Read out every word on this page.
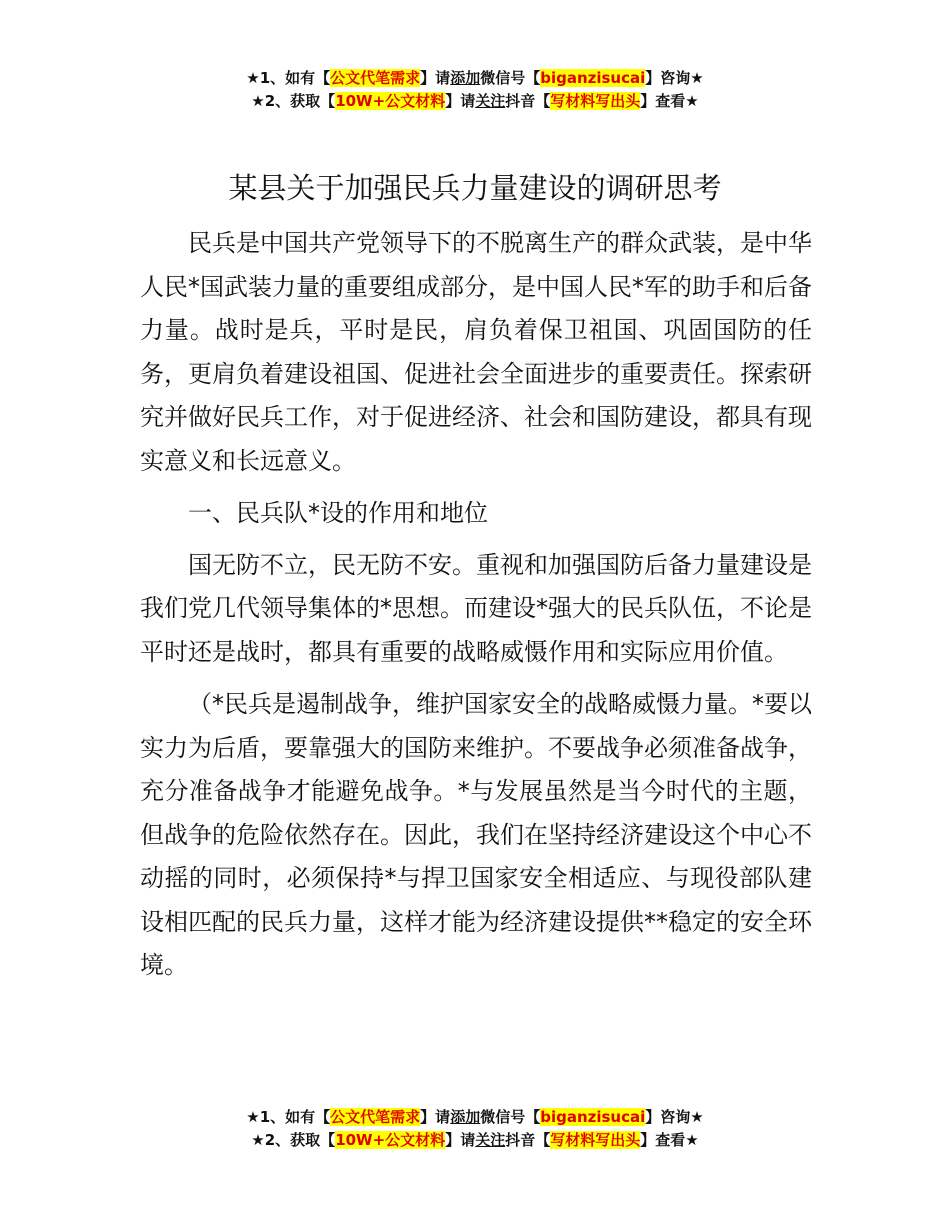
★1、如有【公文代笔需求】请添加微信号【biganzisucai】咨询★
★2、获取【10W+公文材料】请关注抖音【写材料写出头】查看★
某县关于加强民兵力量建设的调研思考

民兵是中国共产党领导下的不脱离生产的群众武装，是中华人民*国武装力量的重要组成部分，是中国人民*军的助手和后备力量。战时是兵，平时是民，肩负着保卫祖国、巩固国防的任务，更肩负着建设祖国、促进社会全面进步的重要责任。探索研究并做好民兵工作，对于促进经济、社会和国防建设，都具有现实意义和长远意义。

一、民兵队*设的作用和地位

国无防不立，民无防不安。重视和加强国防后备力量建设是我们党几代领导集体的*思想。而建设*强大的民兵队伍，不论是平时还是战时，都具有重要的战略威慑作用和实际应用价值。

（*民兵是遏制战争，维护国家安全的战略威慑力量。*要以实力为后盾，要靠强大的国防来维护。不要战争必须准备战争，充分准备战争才能避免战争。*与发展虽然是当今时代的主题，但战争的危险依然存在。因此，我们在坚持经济建设这个中心不动摇的同时，必须保持*与捍卫国家安全相适应、与现役部队建设相匹配的民兵力量，这样才能为经济建设提供**稳定的安全环境。

★1、如有【公文代笔需求】请添加微信号【biganzisucai】咨询★
★2、获取【10W+公文材料】请关注抖音【写材料写出头】查看★
